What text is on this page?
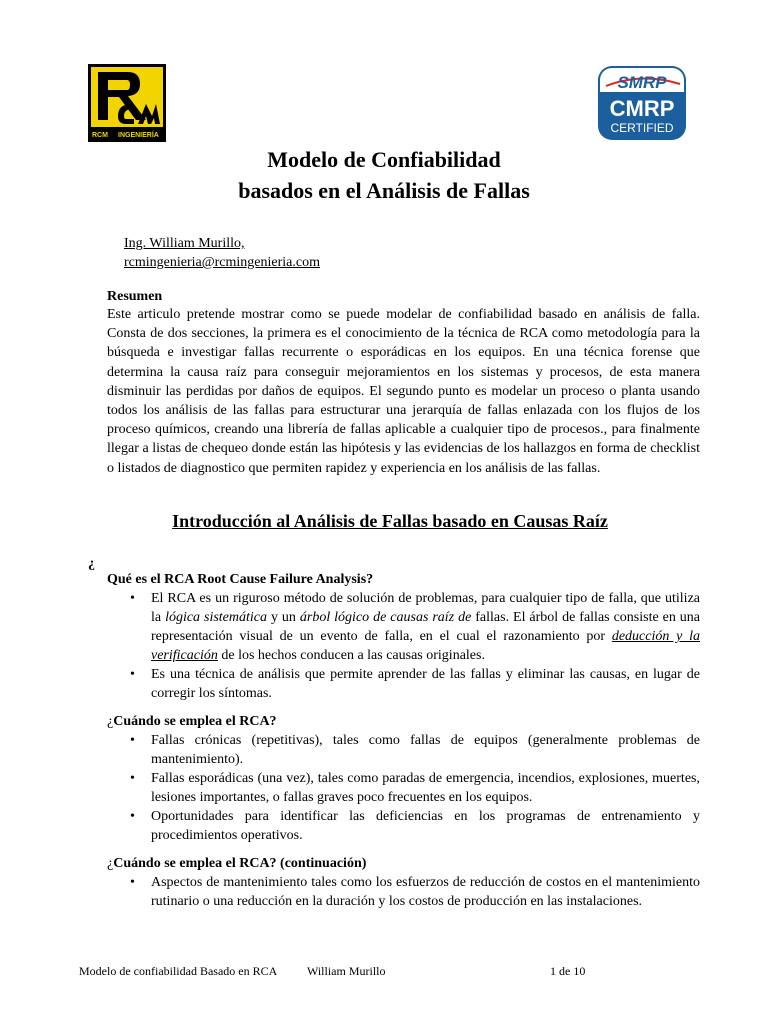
RCM INGENIERÍA
SMRP
CMRP
CERTIFIED
Modelo de Confiabilidad
basados en el Análisis de Fallas
Ing. William Murillo,
rcmingenieria@rcmingenieria.com
Resumen
Este articulo pretende mostrar como se puede modelar de confiabilidad basado en análisis de falla. Consta de dos secciones, la primera es el conocimiento de la técnica de RCA como metodología para la búsqueda e investigar fallas recurrente o esporádicas en los equipos. En una técnica forense que determina la causa raíz para conseguir mejoramientos en los sistemas y procesos, de esta manera disminuir las perdidas por daños de equipos. El segundo punto es modelar un proceso o planta usando todos los análisis de las fallas para estructurar una jerarquía de fallas enlazada con los flujos de los proceso químicos, creando una librería de fallas aplicable a cualquier tipo de procesos., para finalmente llegar a listas de chequeo donde están las hipótesis y las evidencias de los hallazgos en forma de checklist o listados de diagnostico que permiten rapidez y experiencia en los análisis de las fallas.
Introducción al Análisis de Fallas basado en Causas Raíz
¿
Qué es el RCA Root Cause Failure Analysis?
• El RCA es un riguroso método de solución de problemas, para cualquier tipo de falla, que utiliza la lógica sistemática y un árbol lógico de causas raíz de fallas. El árbol de fallas consiste en una representación visual de un evento de falla, en el cual el razonamiento por deducción y la verificación de los hechos conducen a las causas originales.
• Es una técnica de análisis que permite aprender de las fallas y eliminar las causas, en lugar de corregir los síntomas.
¿Cuándo se emplea el RCA?
• Fallas crónicas (repetitivas), tales como fallas de equipos (generalmente problemas de mantenimiento).
• Fallas esporádicas (una vez), tales como paradas de emergencia, incendios, explosiones, muertes, lesiones importantes, o fallas graves poco frecuentes en los equipos.
• Oportunidades para identificar las deficiencias en los programas de entrenamiento y procedimientos operativos.
¿Cuándo se emplea el RCA? (continuación)
• Aspectos de mantenimiento tales como los esfuerzos de reducción de costos en el mantenimiento rutinario o una reducción en la duración y los costos de producción en las instalaciones.
Modelo de confiabilidad Basado en RCA William Murillo	1 de 10
